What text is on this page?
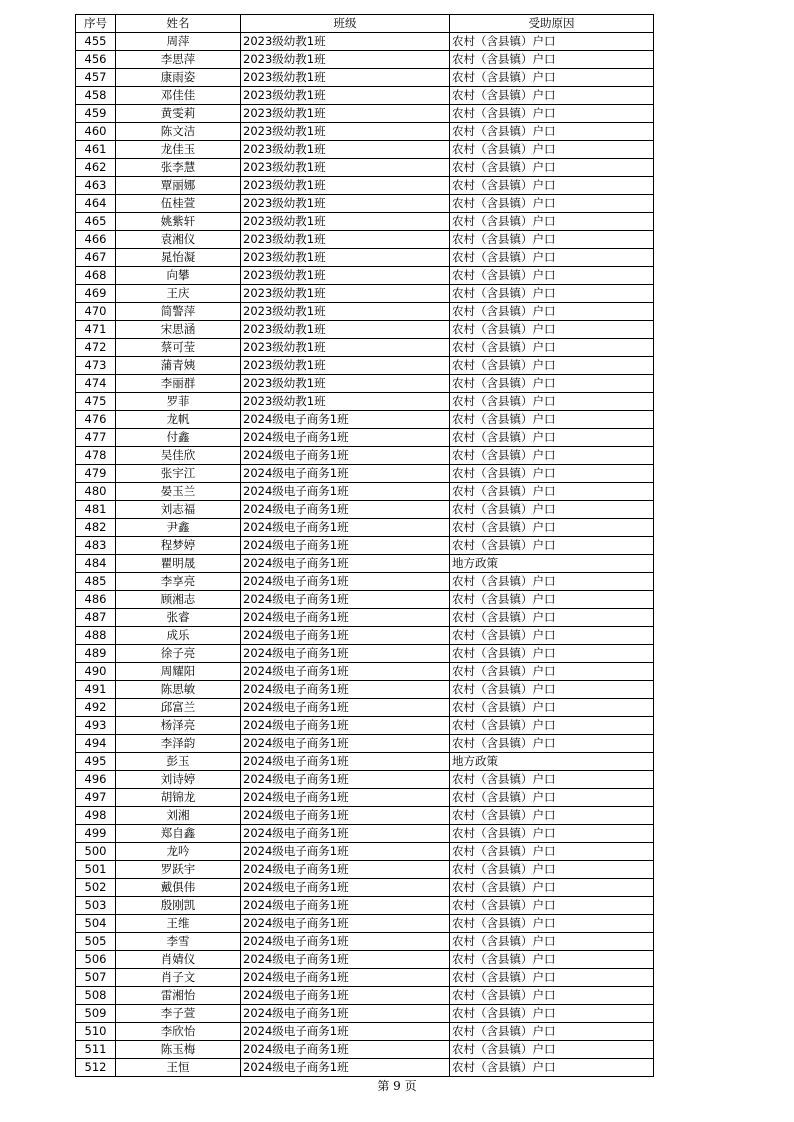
序号	姓名	班级	受助原因
455	周萍	2023级幼教1班	农村（含县镇）户口
456	李思萍	2023级幼教1班	农村（含县镇）户口
457	康雨姿	2023级幼教1班	农村（含县镇）户口
458	邓佳佳	2023级幼教1班	农村（含县镇）户口
459	黄雯莉	2023级幼教1班	农村（含县镇）户口
460	陈文洁	2023级幼教1班	农村（含县镇）户口
461	龙佳玉	2023级幼教1班	农村（含县镇）户口
462	张李慧	2023级幼教1班	农村（含县镇）户口
463	覃丽娜	2023级幼教1班	农村（含县镇）户口
464	伍桂萱	2023级幼教1班	农村（含县镇）户口
465	姚紫轩	2023级幼教1班	农村（含县镇）户口
466	袁湘仪	2023级幼教1班	农村（含县镇）户口
467	晁怡凝	2023级幼教1班	农村（含县镇）户口
468	向攀	2023级幼教1班	农村（含县镇）户口
469	王庆	2023级幼教1班	农村（含县镇）户口
470	简警萍	2023级幼教1班	农村（含县镇）户口
471	宋思涵	2023级幼教1班	农村（含县镇）户口
472	蔡可莹	2023级幼教1班	农村（含县镇）户口
473	蒲青姨	2023级幼教1班	农村（含县镇）户口
474	李丽群	2023级幼教1班	农村（含县镇）户口
475	罗菲	2023级幼教1班	农村（含县镇）户口
476	龙帆	2024级电子商务1班	农村（含县镇）户口
477	付鑫	2024级电子商务1班	农村（含县镇）户口
478	吴佳欣	2024级电子商务1班	农村（含县镇）户口
479	张宇江	2024级电子商务1班	农村（含县镇）户口
480	晏玉兰	2024级电子商务1班	农村（含县镇）户口
481	刘志福	2024级电子商务1班	农村（含县镇）户口
482	尹鑫	2024级电子商务1班	农村（含县镇）户口
483	程梦婷	2024级电子商务1班	农村（含县镇）户口
484	瞿明晟	2024级电子商务1班	地方政策
485	李享亮	2024级电子商务1班	农村（含县镇）户口
486	顾湘志	2024级电子商务1班	农村（含县镇）户口
487	张睿	2024级电子商务1班	农村（含县镇）户口
488	成乐	2024级电子商务1班	农村（含县镇）户口
489	徐子亮	2024级电子商务1班	农村（含县镇）户口
490	周耀阳	2024级电子商务1班	农村（含县镇）户口
491	陈思敏	2024级电子商务1班	农村（含县镇）户口
492	邱富兰	2024级电子商务1班	农村（含县镇）户口
493	杨泽亮	2024级电子商务1班	农村（含县镇）户口
494	李泽韵	2024级电子商务1班	农村（含县镇）户口
495	彭玉	2024级电子商务1班	地方政策
496	刘诗婷	2024级电子商务1班	农村（含县镇）户口
497	胡锦龙	2024级电子商务1班	农村（含县镇）户口
498	刘湘	2024级电子商务1班	农村（含县镇）户口
499	郑自鑫	2024级电子商务1班	农村（含县镇）户口
500	龙吟	2024级电子商务1班	农村（含县镇）户口
501	罗跃宇	2024级电子商务1班	农村（含县镇）户口
502	戴俱伟	2024级电子商务1班	农村（含县镇）户口
503	殷刚凯	2024级电子商务1班	农村（含县镇）户口
504	王维	2024级电子商务1班	农村（含县镇）户口
505	李雪	2024级电子商务1班	农村（含县镇）户口
506	肖婧仪	2024级电子商务1班	农村（含县镇）户口
507	肖子文	2024级电子商务1班	农村（含县镇）户口
508	雷湘怡	2024级电子商务1班	农村（含县镇）户口
509	李子萱	2024级电子商务1班	农村（含县镇）户口
510	李欣怡	2024级电子商务1班	农村（含县镇）户口
511	陈玉梅	2024级电子商务1班	农村（含县镇）户口
512	王恒	2024级电子商务1班	农村（含县镇）户口
第 9 页
